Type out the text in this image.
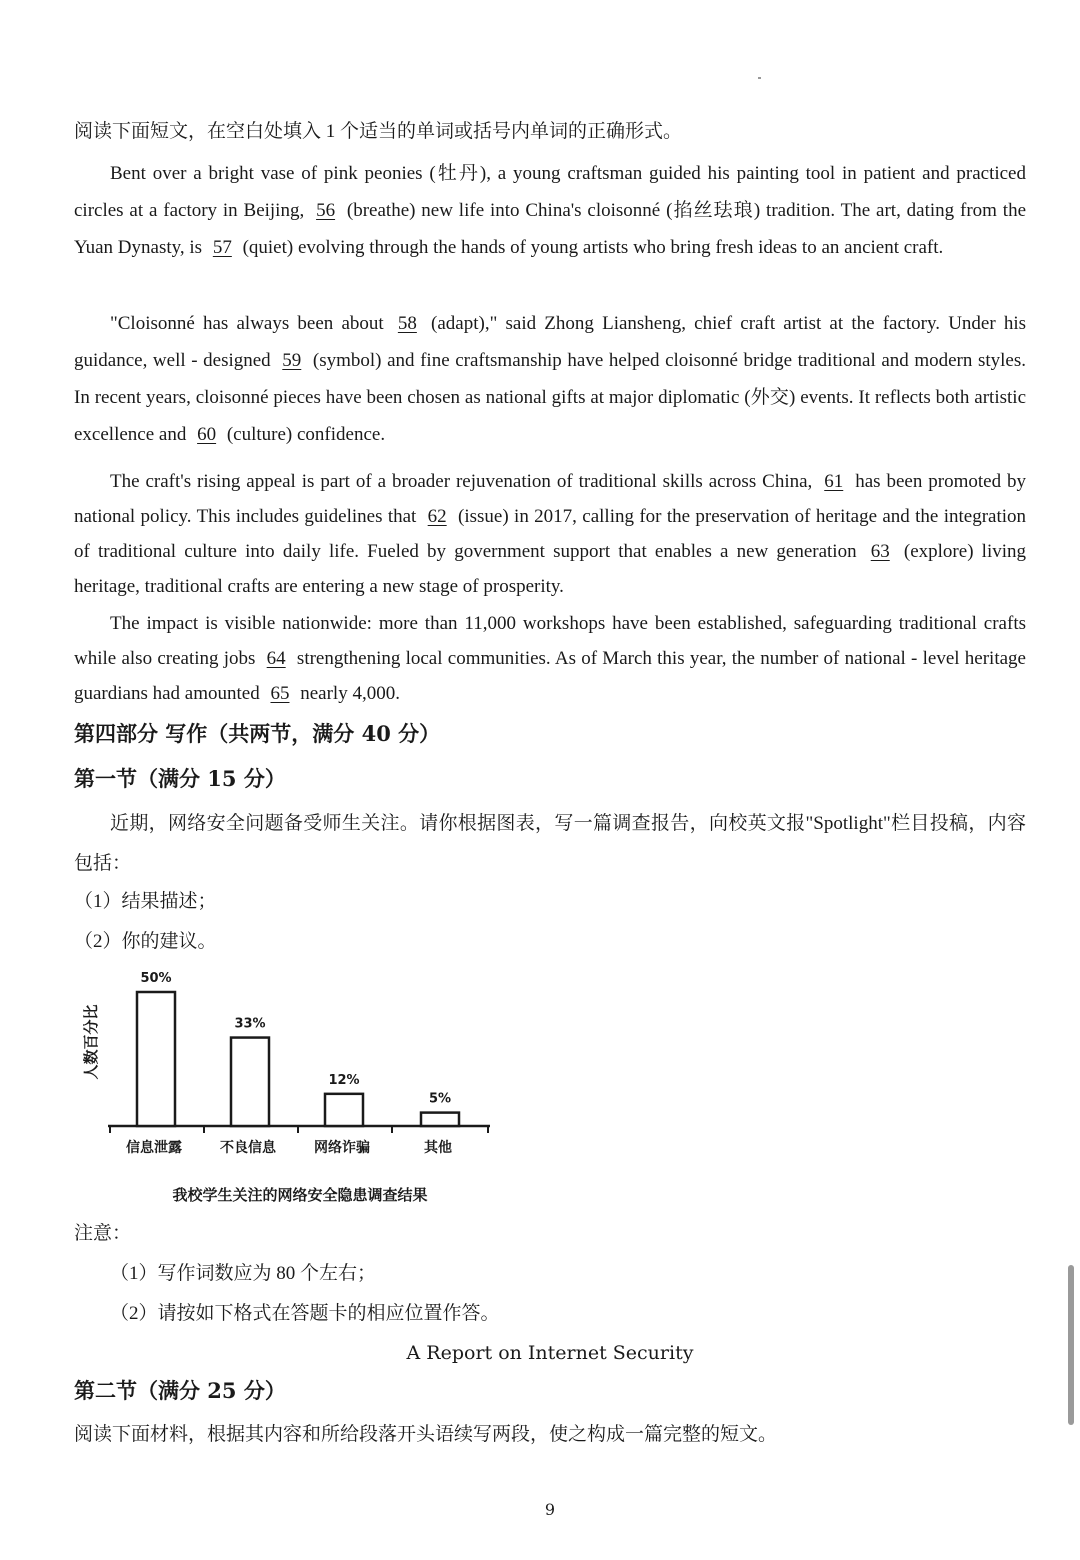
阅读下面短文，在空白处填入 1 个适当的单词或括号内单词的正确形式。

Bent over a bright vase of pink peonies (牡丹), a young craftsman guided his painting tool in patient and practiced circles at a factory in Beijing, 56 (breathe) new life into China's cloisonné (掐丝珐琅) tradition. The art, dating from the Yuan Dynasty, is 57 (quiet) evolving through the hands of young artists who bring fresh ideas to an ancient craft.

"Cloisonné has always been about 58 (adapt)," said Zhong Liansheng, chief craft artist at the factory. Under his guidance, well - designed 59 (symbol) and fine craftsmanship have helped cloisonné bridge traditional and modern styles. In recent years, cloisonné pieces have been chosen as national gifts at major diplomatic (外交) events. It reflects both artistic excellence and 60 (culture) confidence.

The craft's rising appeal is part of a broader rejuvenation of traditional skills across China, 61 has been promoted by national policy. This includes guidelines that 62 (issue) in 2017, calling for the preservation of heritage and the integration of traditional culture into daily life. Fueled by government support that enables a new generation 63 (explore) living heritage, traditional crafts are entering a new stage of prosperity.

The impact is visible nationwide: more than 11,000 workshops have been established, safeguarding traditional crafts while also creating jobs 64 strengthening local communities. As of March this year, the number of national - level heritage guardians had amounted 65 nearly 4,000.

第四部分 写作（共两节，满分 40 分）
第一节（满分 15 分）

近期，网络安全问题备受师生关注。请你根据图表，写一篇调查报告，向校英文报"Spotlight"栏目投稿，内容包括：

（1）结果描述；

（2）你的建议。

人数百分比
50%
33%
12%
5%
信息泄露	不良信息	网络诈骗	其他
我校学生关注的网络安全隐患调查结果

注意：

（1）写作词数应为 80 个左右；

（2）请按如下格式在答题卡的相应位置作答。

A Report on Internet Security
第二节（满分 25 分）

阅读下面材料，根据其内容和所给段落开头语续写两段，使之构成一篇完整的短文。

9
